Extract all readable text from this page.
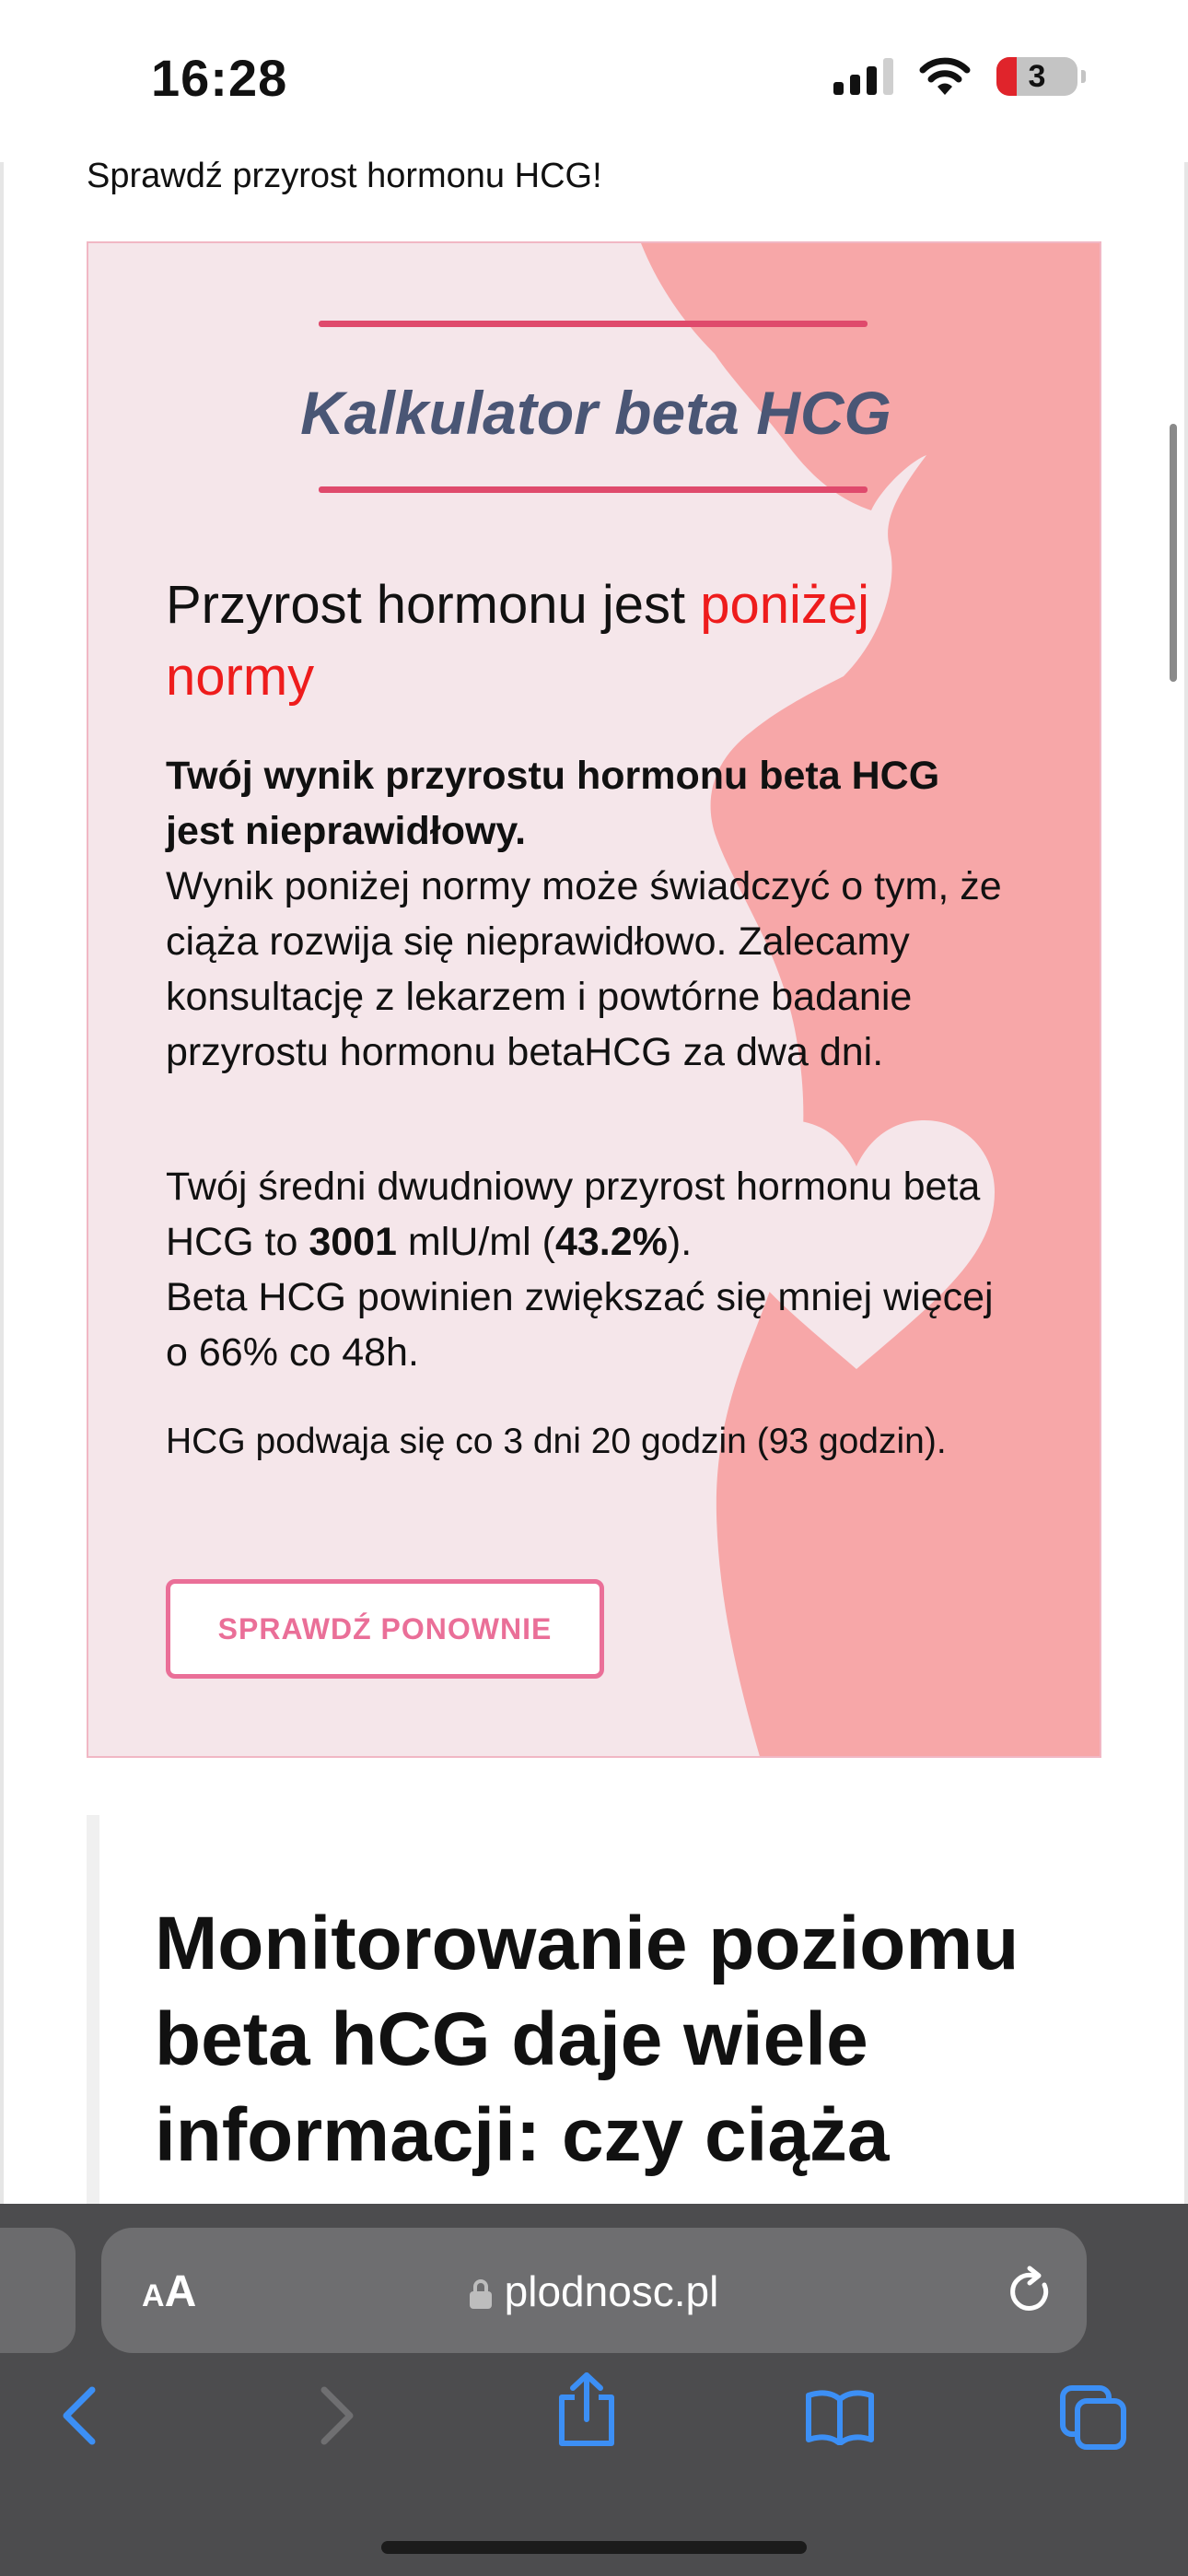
16:28	3
Sprawdź przyrost hormonu HCG!
Kalkulator beta HCG
Przyrost hormonu jest poniżej normy
Twój wynik przyrostu hormonu beta HCG jest nieprawidłowy.
Wynik poniżej normy może świadczyć o tym, że ciąża rozwija się nieprawidłowo. Zalecamy konsultację z lekarzem i powtórne badanie przyrostu hormonu betaHCG za dwa dni.
Twój średni dwudniowy przyrost hormonu beta HCG to 3001 mlU/ml (43.2%).
Beta HCG powinien zwiększać się mniej więcej o 66% co 48h.
HCG podwaja się co 3 dni 20 godzin (93 godzin).
SPRAWDŹ PONOWNIE
Monitorowanie poziomu beta hCG daje wiele informacji: czy ciąża
AA	plodnosc.pl
